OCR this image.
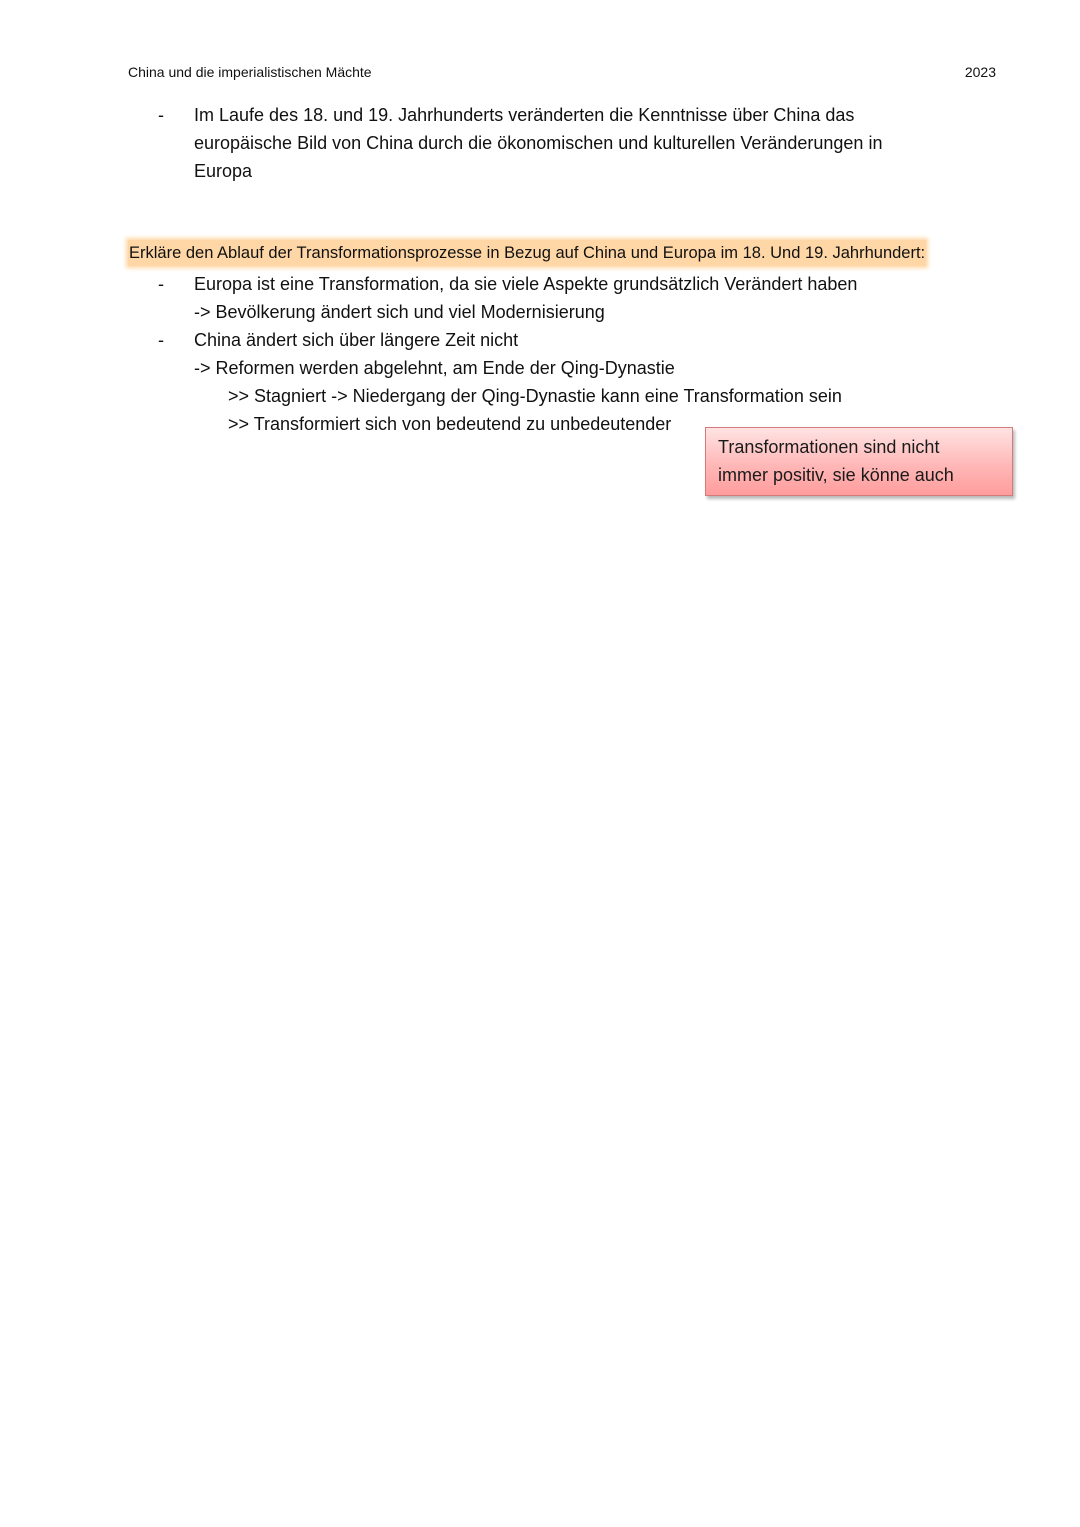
China und die imperialistischen Mächte	2023
- Im Laufe des 18. und 19. Jahrhunderts veränderten die Kenntnisse über China das
europäische Bild von China durch die ökonomischen und kulturellen Veränderungen in
Europa
Erkläre den Ablauf der Transformationsprozesse in Bezug auf China und Europa im 18. Und 19. Jahrhundert:
- Europa ist eine Transformation, da sie viele Aspekte grundsätzlich Verändert haben
-> Bevölkerung ändert sich und viel Modernisierung
- China ändert sich über längere Zeit nicht
-> Reformen werden abgelehnt, am Ende der Qing-Dynastie
>> Stagniert -> Niedergang der Qing-Dynastie kann eine Transformation sein
>> Transformiert sich von bedeutend zu unbedeutender
Transformationen sind nicht
immer positiv, sie könne auch
